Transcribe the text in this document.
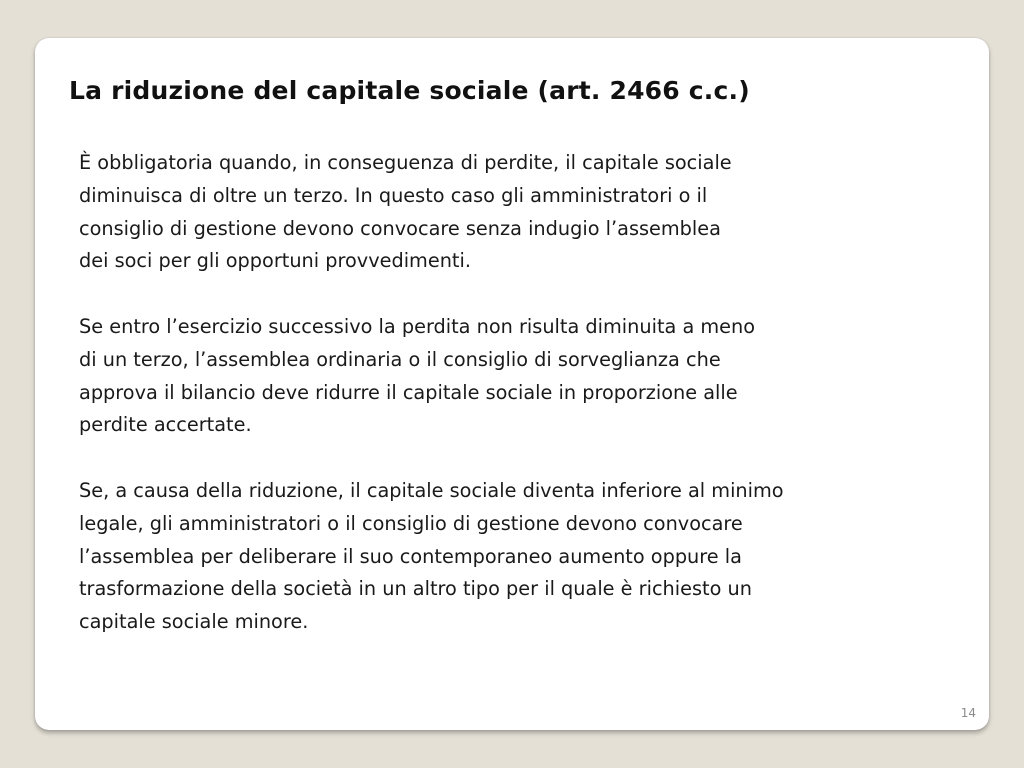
La riduzione del capitale sociale (art. 2466 c.c.)

È obbligatoria quando, in conseguenza di perdite, il capitale sociale
diminuisca di oltre un terzo. In questo caso gli amministratori o il
consiglio di gestione devono convocare senza indugio l’assemblea
dei soci per gli opportuni provvedimenti.

Se entro l’esercizio successivo la perdita non risulta diminuita a meno
di un terzo, l’assemblea ordinaria o il consiglio di sorveglianza che
approva il bilancio deve ridurre il capitale sociale in proporzione alle
perdite accertate.

Se, a causa della riduzione, il capitale sociale diventa inferiore al minimo
legale, gli amministratori o il consiglio di gestione devono convocare
l’assemblea per deliberare il suo contemporaneo aumento oppure la
trasformazione della società in un altro tipo per il quale è richiesto un
capitale sociale minore.

14
